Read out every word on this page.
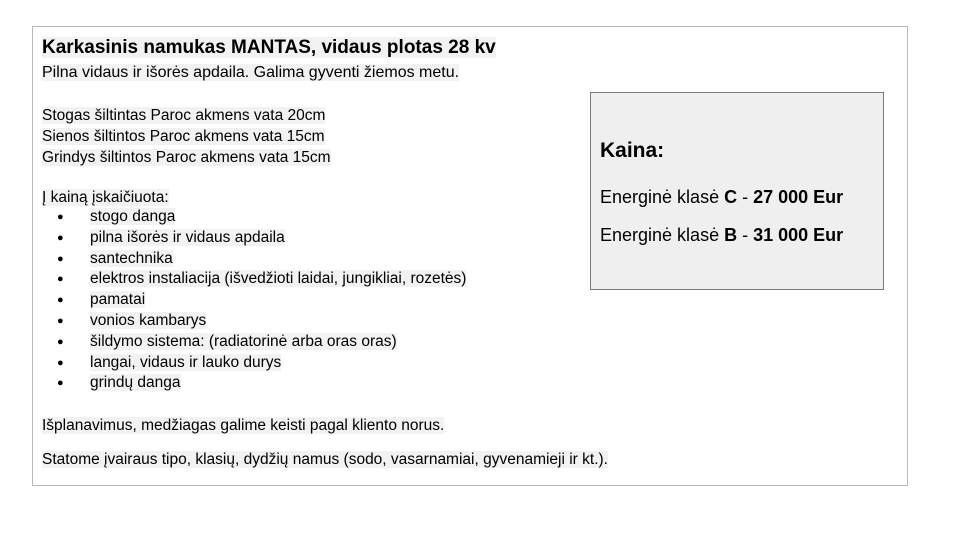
Karkasinis namukas MANTAS, vidaus plotas 28 kv
Pilna vidaus ir išorės apdaila. Galima gyventi žiemos metu.
Stogas šiltintas Paroc akmens vata 20cm
Sienos šiltintos Paroc akmens vata 15cm
Grindys šiltintos Paroc akmens vata 15cm
Į kainą įskaičiuota:
● stogo danga
● pilna išorės ir vidaus apdaila
● santechnika
● elektros instaliacija (išvedžioti laidai, jungikliai, rozetės)
● pamatai
● vonios kambarys
● šildymo sistema: (radiatorinė arba oras oras)
● langai, vidaus ir lauko durys
● grindų danga
Išplanavimus, medžiagas galime keisti pagal kliento norus.
Statome įvairaus tipo, klasių, dydžių namus (sodo, vasarnamiai, gyvenamieji ir kt.).
Kaina:
Energinė klasė C - 27 000 Eur
Energinė klasė B - 31 000 Eur
